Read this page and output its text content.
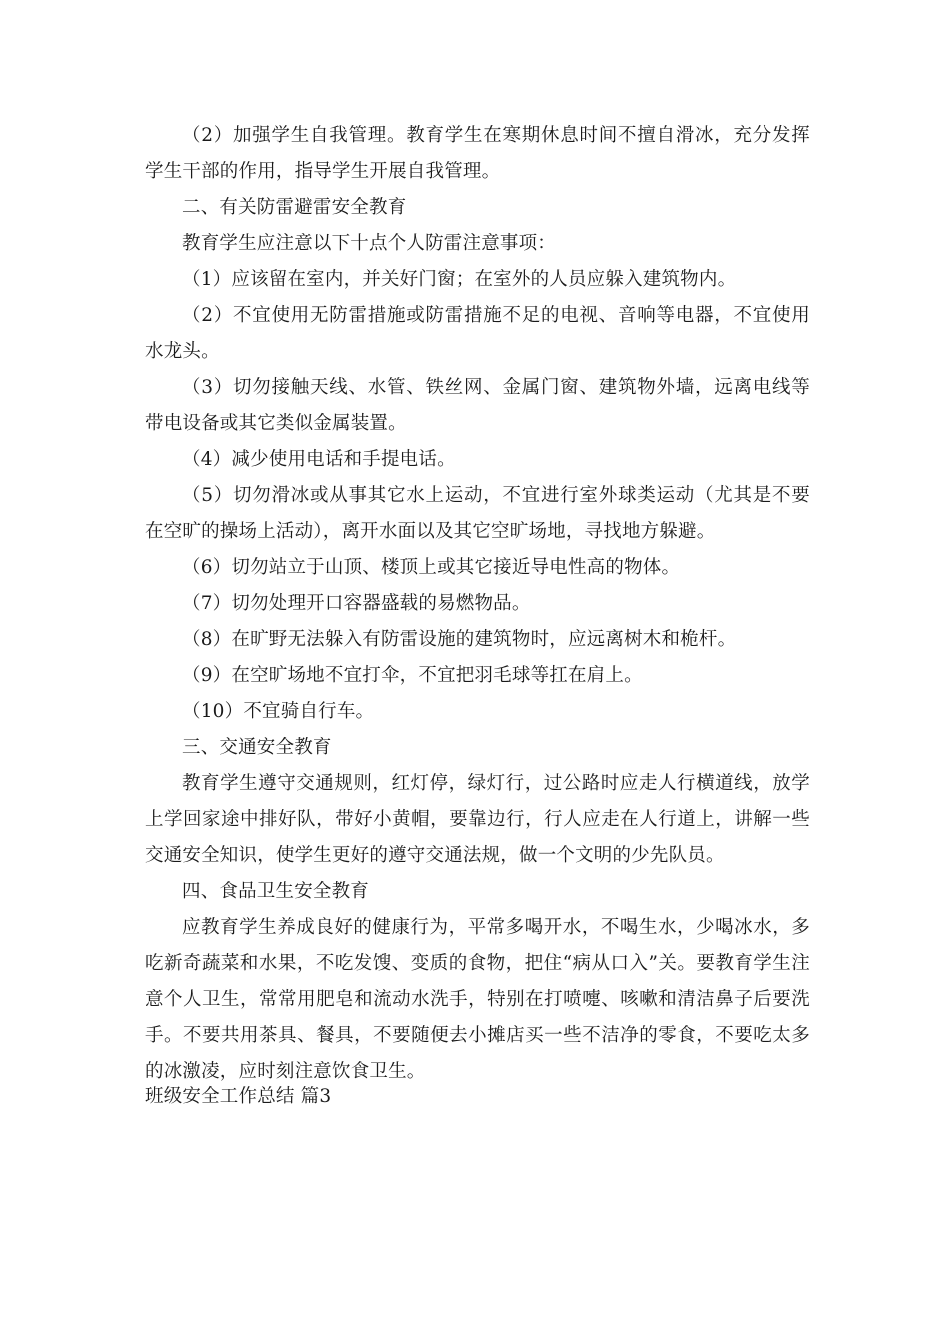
（2）加强学生自我管理。教育学生在寒期休息时间不擅自滑冰，充分发挥学生干部的作用，指导学生开展自我管理。

二、有关防雷避雷安全教育

教育学生应注意以下十点个人防雷注意事项：

（1）应该留在室内，并关好门窗；在室外的人员应躲入建筑物内。

（2）不宜使用无防雷措施或防雷措施不足的电视、音响等电器，不宜使用水龙头。

（3）切勿接触天线、水管、铁丝网、金属门窗、建筑物外墙，远离电线等带电设备或其它类似金属装置。

（4）减少使用电话和手提电话。

（5）切勿滑冰或从事其它水上运动，不宜进行室外球类运动（尤其是不要在空旷的操场上活动），离开水面以及其它空旷场地，寻找地方躲避。

（6）切勿站立于山顶、楼顶上或其它接近导电性高的物体。

（7）切勿处理开口容器盛载的易燃物品。

（8）在旷野无法躲入有防雷设施的建筑物时，应远离树木和桅杆。

（9）在空旷场地不宜打伞，不宜把羽毛球等扛在肩上。

（10）不宜骑自行车。

三、交通安全教育

教育学生遵守交通规则，红灯停，绿灯行，过公路时应走人行横道线，放学上学回家途中排好队，带好小黄帽，要靠边行，行人应走在人行道上，讲解一些交通安全知识，使学生更好的遵守交通法规，做一个文明的少先队员。

四、食品卫生安全教育

应教育学生养成良好的健康行为，平常多喝开水，不喝生水，少喝冰水，多吃新奇蔬菜和水果，不吃发馊、变质的食物，把住“病从口入”关。要教育学生注意个人卫生，常常用肥皂和流动水洗手，特别在打喷嚏、咳嗽和清洁鼻子后要洗手。不要共用茶具、餐具，不要随便去小摊店买一些不洁净的零食，不要吃太多的冰激凌，应时刻注意饮食卫生。

班级安全工作总结 篇3
